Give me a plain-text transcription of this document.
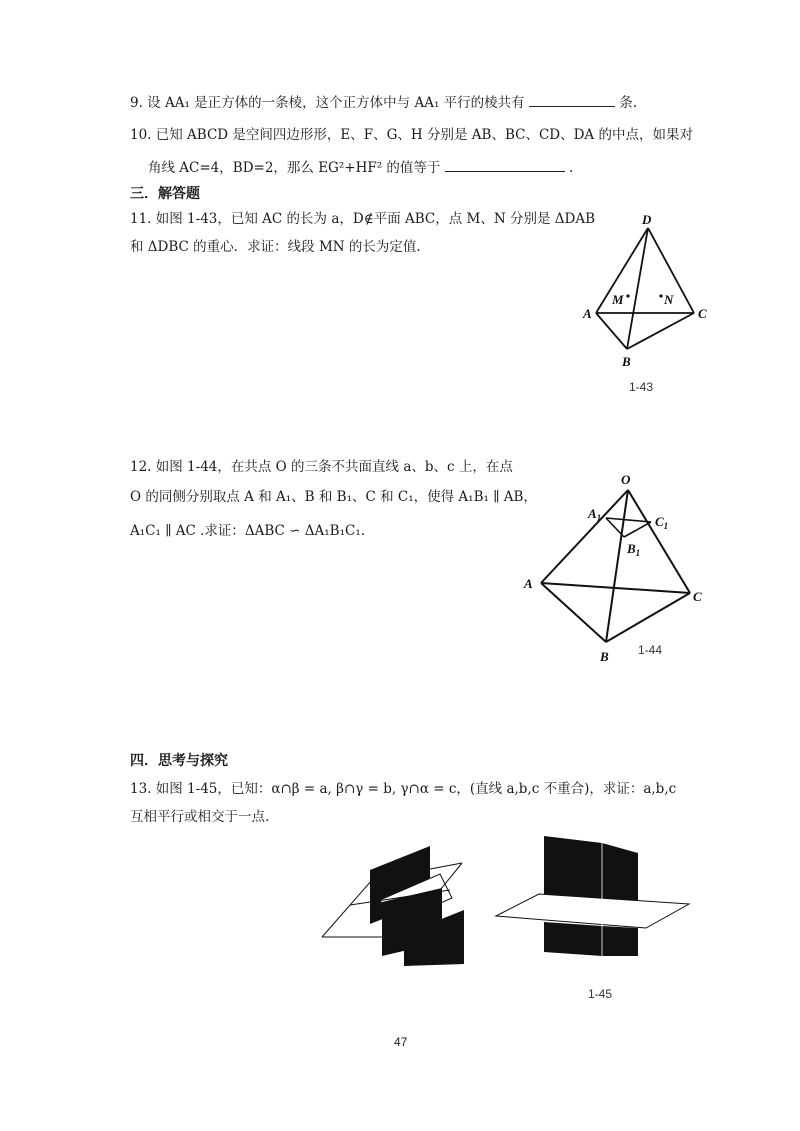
9. 设 AA₁ 是正方体的一条棱，这个正方体中与 AA₁ 平行的棱共有	条.
10. 已知 ABCD 是空间四边形形，E、F、G、H 分别是 AB、BC、CD、DA 的中点，如果对
角线 AC=4，BD=2，那么 EG²+HF² 的值等于	.
三．解答题
11. 如图 1-43，已知 AC 的长为 a，D∉平面 ABC，点 M、N 分别是 ΔDAB
和 ΔDBC 的重心．求证：线段 MN 的长为定值.
D
A	C
B
M	N
1-43
12. 如图 1-44，在共点 O 的三条不共面直线 a、b、c 上，在点
O 的同侧分别取点 A 和 A₁、B 和 B₁、C 和 C₁，使得 A₁B₁ ∥ AB，
A₁C₁ ∥ AC .求证：ΔABC ∽ ΔA₁B₁C₁.
O
$A_1$	$C_1$
$B_1$
A
C
B 1-44
四．思考与探究
13. 如图 1-45，已知：α∩β = a, β∩γ = b, γ∩α = c，(直线 a,b,c 不重合)，求证：a,b,c
互相平行或相交于一点.
1-45
47
